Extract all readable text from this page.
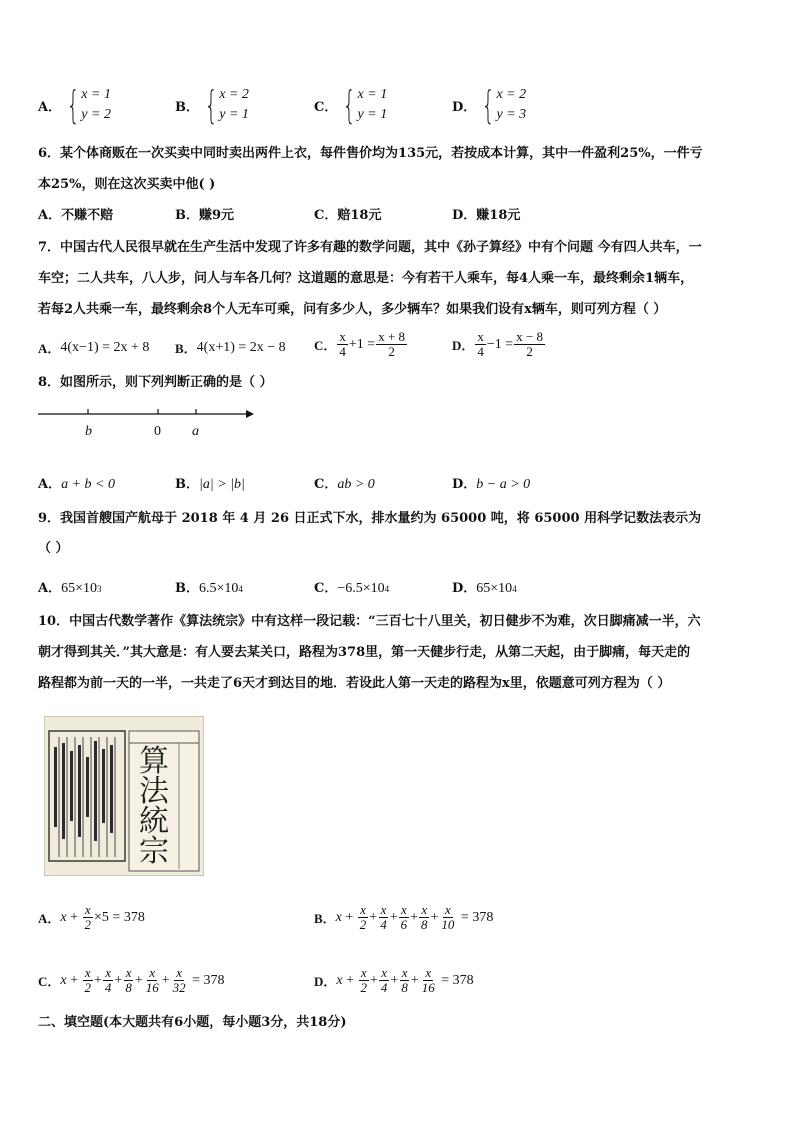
A． { x = 1
y = 2	B． { x = 2
y = 1	C． { x = 1
y = 1	D． { x = 2
y = 3
6．某个体商贩在一次买卖中同时卖出两件上衣，每件售价均为135元，若按成本计算，其中一件盈利25%，一件亏
本25%，则在这次买卖中他( )
A．不赚不赔	B．赚9元	C．赔18元	D．赚18元
7．中国古代人民很早就在生产生活中发现了许多有趣的数学问题，其中《孙子算经》中有个问题 今有四人共车，一
车空；二人共车，八人步，问人与车各几何？这道题的意思是：今有若干人乘车，每4人乘一车，最终剩余1辆车，
若每2人共乘一车，最终剩余8个人无车可乘，问有多少人，多少辆车？如果我们设有x辆车，则可列方程（ ）
A． 4(x−1) = 2x + 8 B． 4(x+1) = 2x − 8 C． $\frac{x}{4} +1 = \frac{x + 8}{2}$	D． $\frac{x}{4} -1 = \frac{x - 8}{2}$
8．如图所示，则下列判断正确的是（ ）
b	0 a
A．a + b < 0	B．|a| > |b|	C．ab > 0	D．b − a > 0
9．我国首艘国产航母于 2018 年 4 月 26 日正式下水，排水量约为 65000 吨，将 65000 用科学记数法表示为
（ ）
A． 65×10 3	B． 6.5×10 4	C． −6.5×10 4	D． 65×10 4
10．中国古代数学著作《算法统宗》中有这样一段记载：“三百七十八里关，初日健步不为难，次日脚痛减一半，六
朝才得到其关．”其大意是：有人要去某关口，路程为378里，第一天健步行走，从第二天起，由于脚痛，每天走的
路程都为前一天的一半，一共走了6天才到达目的地．若设此人第一天走的路程为x里，依题意可列方程为（ ）
算法統宗
A． $x + \frac{x}{2} \times 5 = 378$	B． $x + \frac{x}{2} + \frac{x}{4} + \frac{x}{6} + \frac{x}{8} + \frac{x}{10}$
= 378
C． $x + \frac{x}{2} + \frac{x}{4} + \frac{x}{8} + \frac{x}{16} + \frac{x}{32}$
= 378	D． $x + \frac{x}{2} + \frac{x}{4} + \frac{x}{8} + \frac{x}{16}$
= 378
二、填空题(本大题共有6小题，每小题3分，共18分)
